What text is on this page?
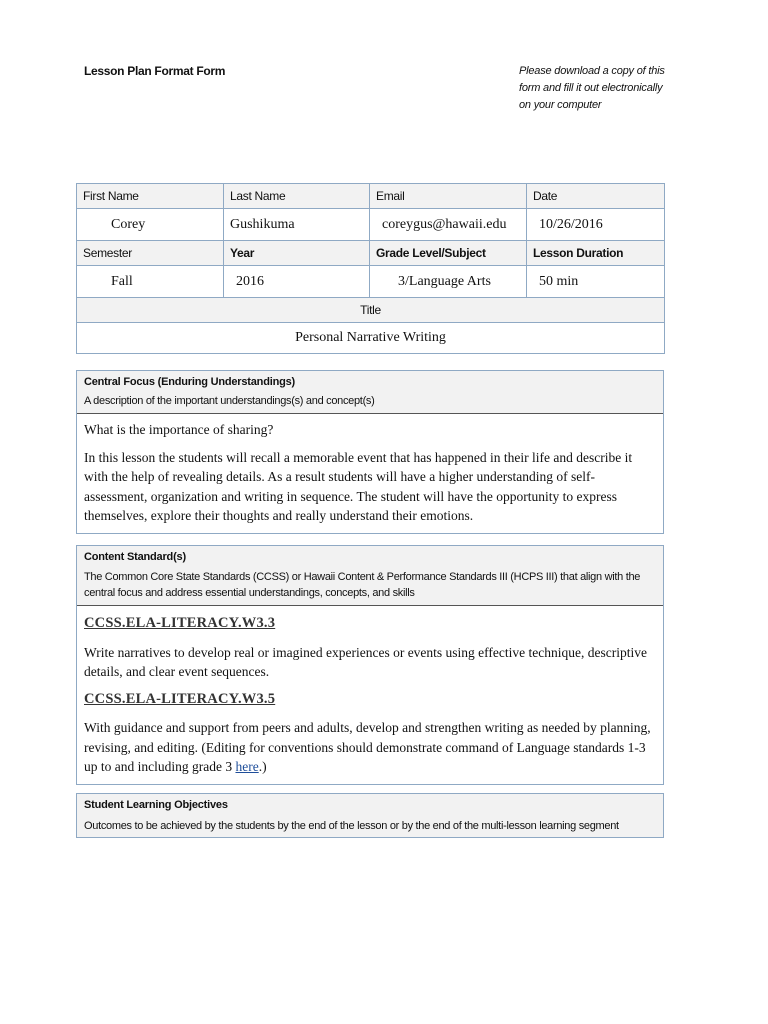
Lesson Plan Format Form	Please download a copy of this form and fill it out electronically on your computer
First Name	Last Name	Email	Date
Corey	Gushikuma	coreygus@hawaii.edu	10/26/2016
Semester	Year	Grade Level/Subject	Lesson Duration
Fall	2016	3/Language Arts	50 min
Title			
Personal Narrative Writing			
Central Focus (Enduring Understandings)
A description of the important understandings(s) and concept(s)

What is the importance of sharing?

In this lesson the students will recall a memorable event that has happened in their life and describe it with the help of revealing details. As a result students will have a higher understanding of self-assessment, organization and writing in sequence. The student will have the opportunity to express themselves, explore their thoughts and really understand their emotions.

Content Standard(s)
The Common Core State Standards (CCSS) or Hawaii Content & Performance Standards III (HCPS III) that align with the central focus and address essential understandings, concepts, and skills
CCSS.ELA-LITERACY.W3.3

Write narratives to develop real or imagined experiences or events using effective technique, descriptive details, and clear event sequences.

CCSS.ELA-LITERACY.W3.5

With guidance and support from peers and adults, develop and strengthen writing as needed by planning, revising, and editing. (Editing for conventions should demonstrate command of Language standards 1-3 up to and including grade 3 here.)

Student Learning Objectives
Outcomes to be achieved by the students by the end of the lesson or by the end of the multi-lesson learning segment
